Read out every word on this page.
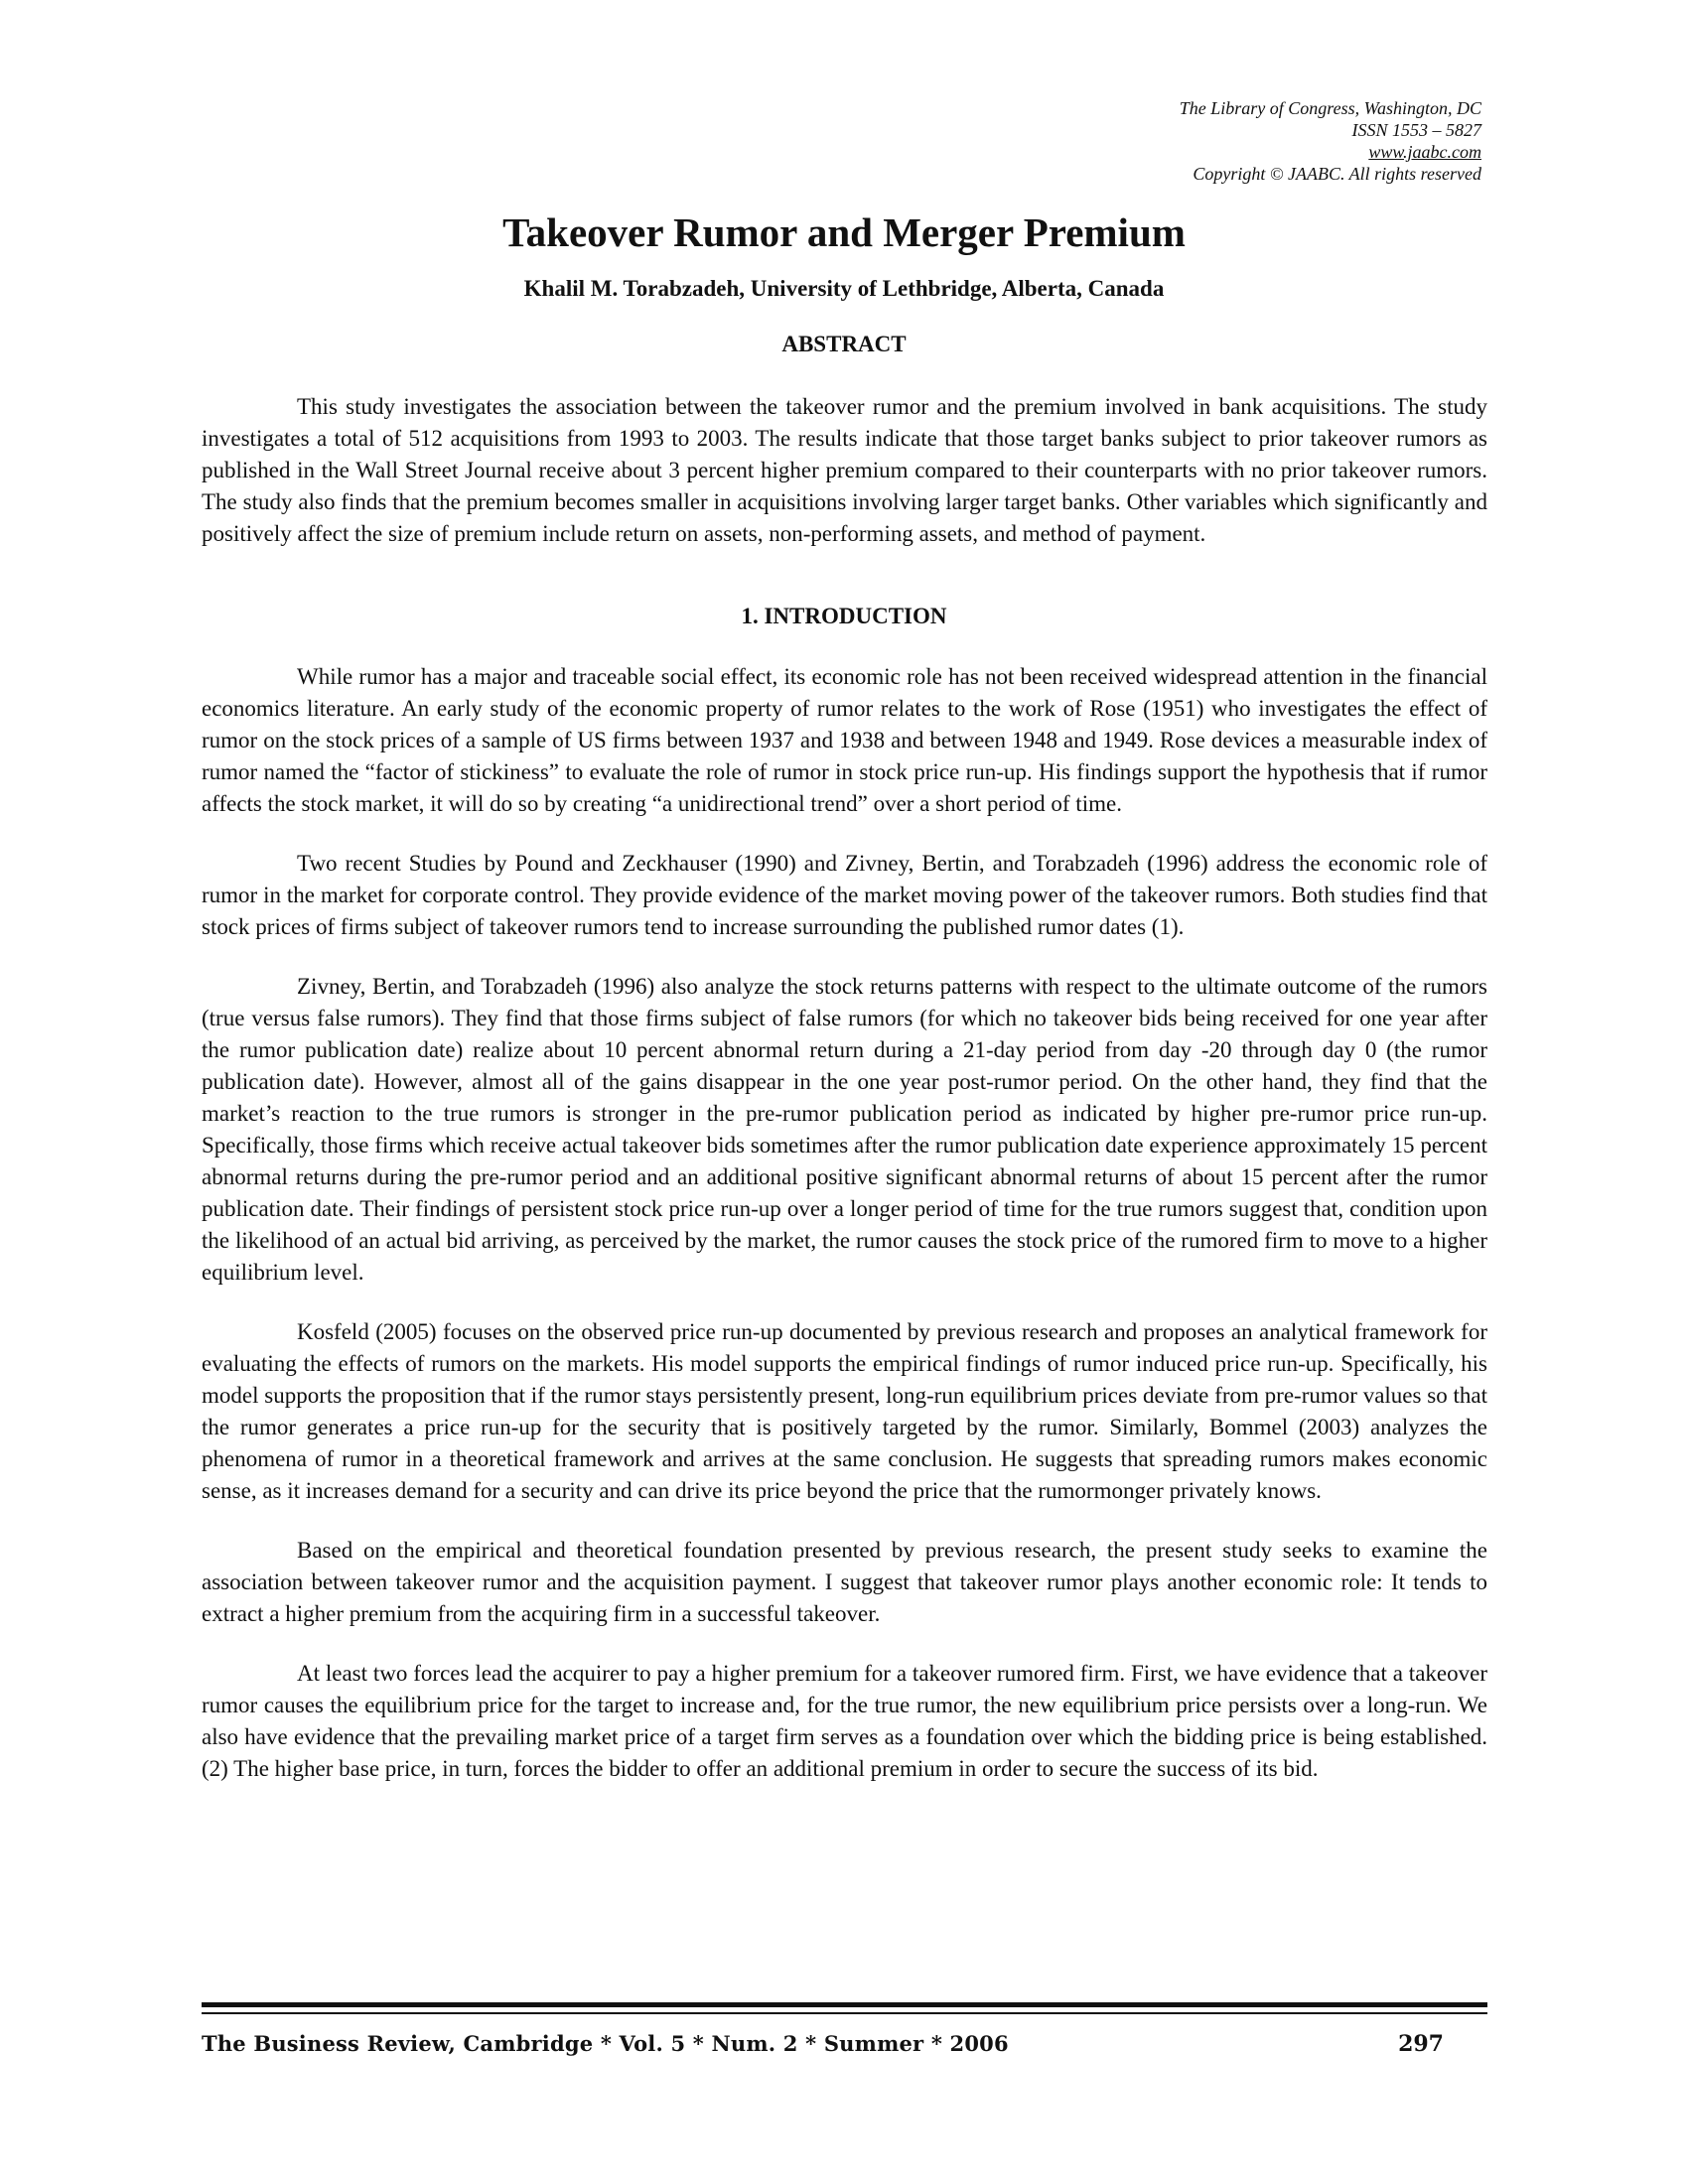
The Library of Congress, Washington, DC
ISSN 1553 – 5827
www.jaabc.com
Copyright © JAABC. All rights reserved
Takeover Rumor and Merger Premium
Khalil M. Torabzadeh, University of Lethbridge, Alberta, Canada
ABSTRACT

This study investigates the association between the takeover rumor and the premium involved in bank acquisitions. The study investigates a total of 512 acquisitions from 1993 to 2003. The results indicate that those target banks subject to prior takeover rumors as published in the Wall Street Journal receive about 3 percent higher premium compared to their counterparts with no prior takeover rumors. The study also finds that the premium becomes smaller in acquisitions involving larger target banks. Other variables which significantly and positively affect the size of premium include return on assets, non-performing assets, and method of payment.

1. INTRODUCTION

While rumor has a major and traceable social effect, its economic role has not been received widespread attention in the financial economics literature. An early study of the economic property of rumor relates to the work of Rose (1951) who investigates the effect of rumor on the stock prices of a sample of US firms between 1937 and 1938 and between 1948 and 1949. Rose devices a measurable index of rumor named the “factor of stickiness” to evaluate the role of rumor in stock price run-up. His findings support the hypothesis that if rumor affects the stock market, it will do so by creating “a unidirectional trend” over a short period of time.

Two recent Studies by Pound and Zeckhauser (1990) and Zivney, Bertin, and Torabzadeh (1996) address the economic role of rumor in the market for corporate control. They provide evidence of the market moving power of the takeover rumors. Both studies find that stock prices of firms subject of takeover rumors tend to increase surrounding the published rumor dates (1).

Zivney, Bertin, and Torabzadeh (1996) also analyze the stock returns patterns with respect to the ultimate outcome of the rumors (true versus false rumors). They find that those firms subject of false rumors (for which no takeover bids being received for one year after the rumor publication date) realize about 10 percent abnormal return during a 21-day period from day -20 through day 0 (the rumor publication date). However, almost all of the gains disappear in the one year post-rumor period. On the other hand, they find that the market’s reaction to the true rumors is stronger in the pre-rumor publication period as indicated by higher pre-rumor price run-up. Specifically, those firms which receive actual takeover bids sometimes after the rumor publication date experience approximately 15 percent abnormal returns during the pre-rumor period and an additional positive significant abnormal returns of about 15 percent after the rumor publication date. Their findings of persistent stock price run-up over a longer period of time for the true rumors suggest that, condition upon the likelihood of an actual bid arriving, as perceived by the market, the rumor causes the stock price of the rumored firm to move to a higher equilibrium level.

Kosfeld (2005) focuses on the observed price run-up documented by previous research and proposes an analytical framework for evaluating the effects of rumors on the markets. His model supports the empirical findings of rumor induced price run-up. Specifically, his model supports the proposition that if the rumor stays persistently present, long-run equilibrium prices deviate from pre-rumor values so that the rumor generates a price run-up for the security that is positively targeted by the rumor. Similarly, Bommel (2003) analyzes the phenomena of rumor in a theoretical framework and arrives at the same conclusion. He suggests that spreading rumors makes economic sense, as it increases demand for a security and can drive its price beyond the price that the rumormonger privately knows.

Based on the empirical and theoretical foundation presented by previous research, the present study seeks to examine the association between takeover rumor and the acquisition payment. I suggest that takeover rumor plays another economic role: It tends to extract a higher premium from the acquiring firm in a successful takeover.

At least two forces lead the acquirer to pay a higher premium for a takeover rumored firm. First, we have evidence that a takeover rumor causes the equilibrium price for the target to increase and, for the true rumor, the new equilibrium price persists over a long-run. We also have evidence that the prevailing market price of a target firm serves as a foundation over which the bidding price is being established. (2) The higher base price, in turn, forces the bidder to offer an additional premium in order to secure the success of its bid.

The Business Review, Cambridge * Vol. 5 * Num. 2 * Summer * 2006	297
